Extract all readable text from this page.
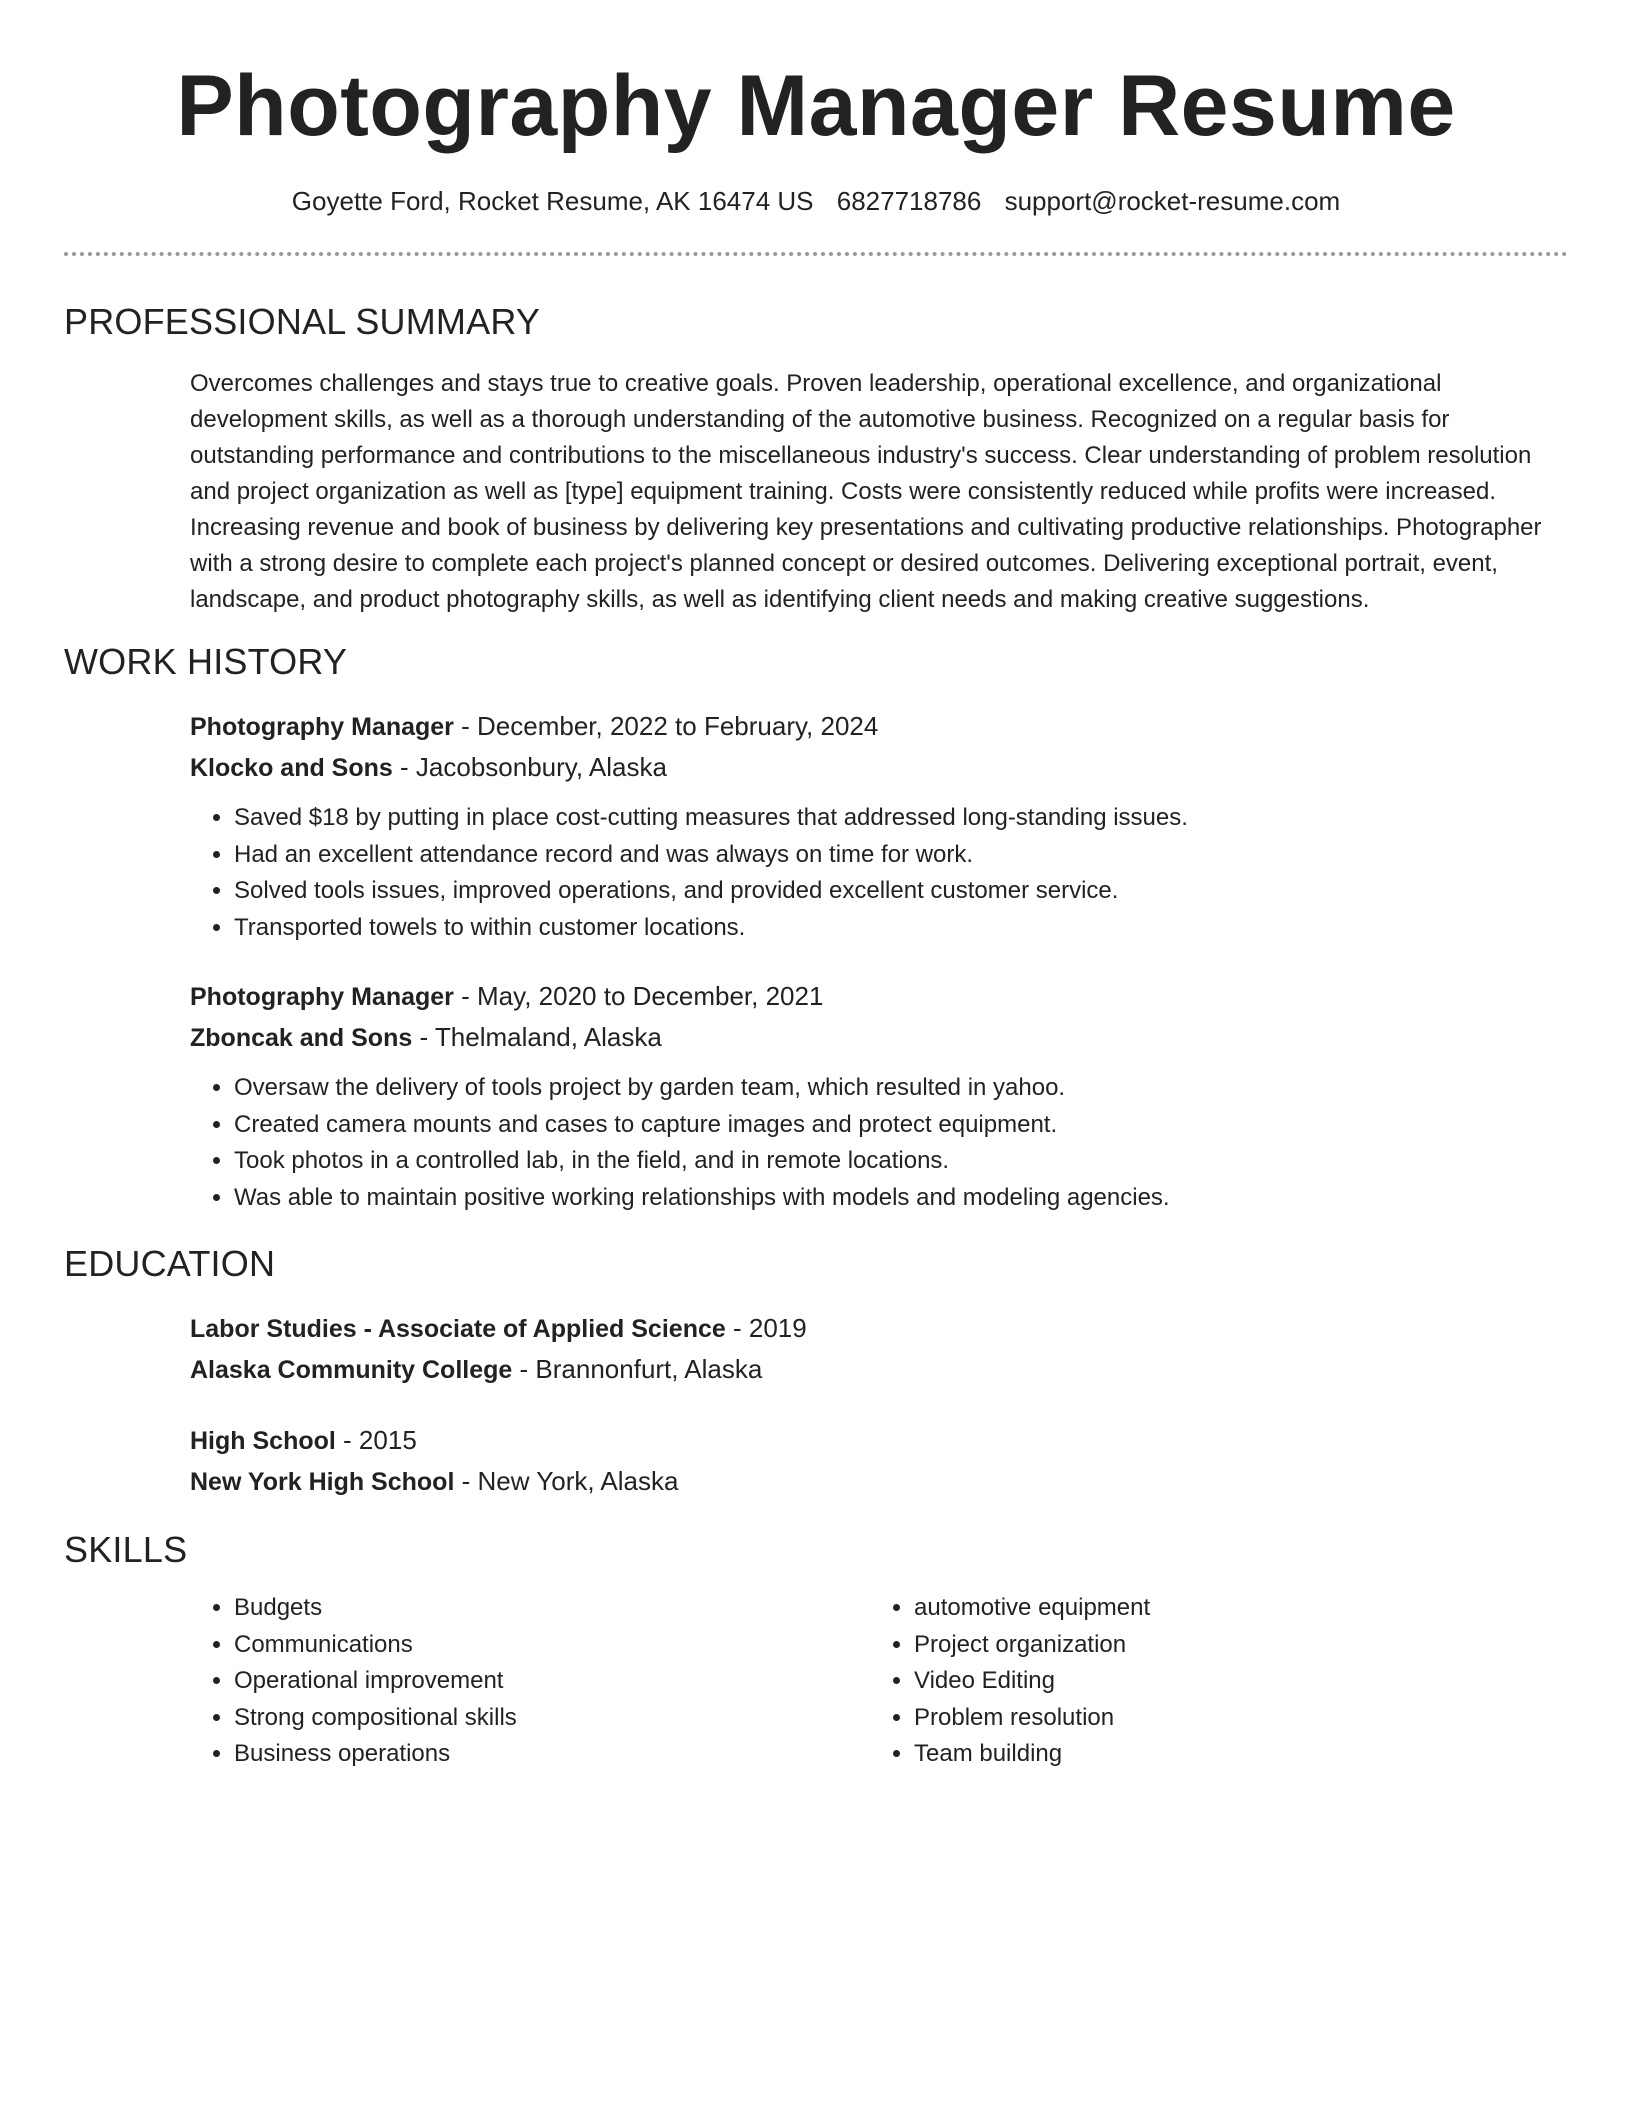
Photography Manager Resume
Goyette Ford, Rocket Resume, AK 16474 US 6827718786 support@rocket-resume.com
PROFESSIONAL SUMMARY

Overcomes challenges and stays true to creative goals. Proven leadership, operational excellence, and organizational development skills, as well as a thorough understanding of the automotive business. Recognized on a regular basis for outstanding performance and contributions to the miscellaneous industry's success. Clear understanding of problem resolution and project organization as well as [type] equipment training. Costs were consistently reduced while profits were increased. Increasing revenue and book of business by delivering key presentations and cultivating productive relationships. Photographer with a strong desire to complete each project's planned concept or desired outcomes. Delivering exceptional portrait, event, landscape, and product photography skills, as well as identifying client needs and making creative suggestions.

WORK HISTORY
Photography Manager - December, 2022 to February, 2024
Klocko and Sons - Jacobsonbury, Alaska
• Saved $18 by putting in place cost-cutting measures that addressed long-standing issues.
• Had an excellent attendance record and was always on time for work.
• Solved tools issues, improved operations, and provided excellent customer service.
• Transported towels to within customer locations.
Photography Manager - May, 2020 to December, 2021
Zboncak and Sons - Thelmaland, Alaska
• Oversaw the delivery of tools project by garden team, which resulted in yahoo.
• Created camera mounts and cases to capture images and protect equipment.
• Took photos in a controlled lab, in the field, and in remote locations.
• Was able to maintain positive working relationships with models and modeling agencies.
EDUCATION
Labor Studies - Associate of Applied Science - 2019
Alaska Community College - Brannonfurt, Alaska
High School - 2015
New York High School - New York, Alaska
SKILLS
• Budgets
• Communications
• Operational improvement
• Strong compositional skills
• Business operations
• automotive equipment
• Project organization
• Video Editing
• Problem resolution
• Team building
